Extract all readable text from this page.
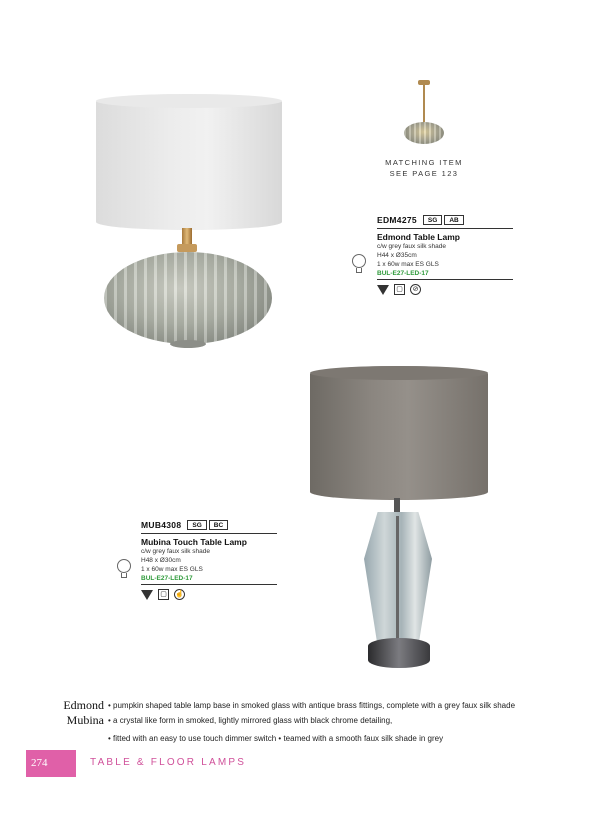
MATCHING ITEM
SEE PAGE 123
EDM4275	SG	AB
Edmond Table Lamp
c/w grey faux silk shade
H44 x Ø35cm
1 x 60w max ES GLS
BUL-E27-LED-17
▢	⊘
MUB4308	SG	BC
Mubina Touch Table Lamp
c/w grey faux silk shade
H48 x Ø30cm
1 x 60w max ES GLS
BUL-E27-LED-17
▢	☝
Edmond • pumpkin shaped table lamp base in smoked glass with antique brass fittings, complete with a grey faux silk shade
Mubina • a crystal like form in smoked, lightly mirrored glass with black chrome detailing,
• fitted with an easy to use touch dimmer switch • teamed with a smooth faux silk shade in grey
274	TABLE & FLOOR LAMPS
